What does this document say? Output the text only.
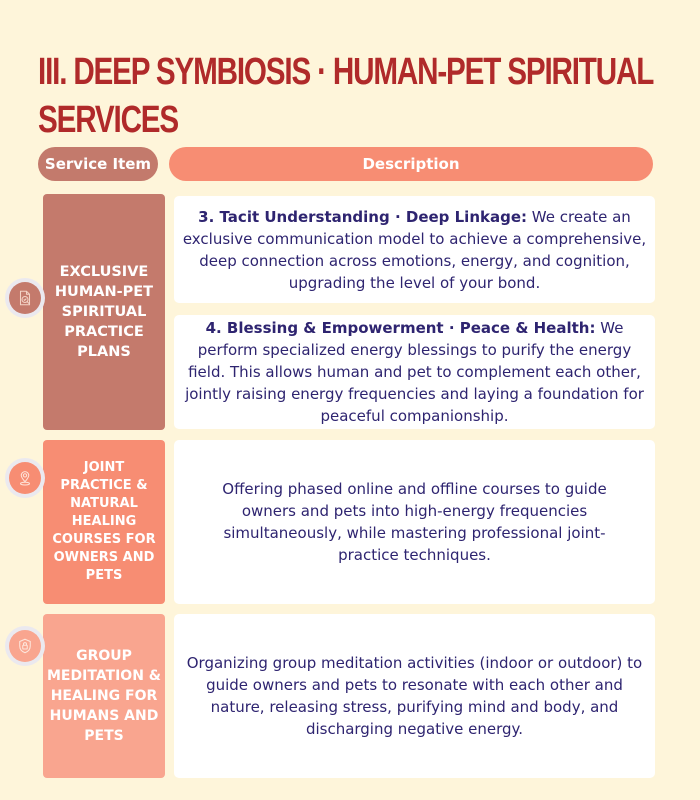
III. DEEP SYMBIOSIS · HUMAN-PET SPIRITUAL SERVICES
Service Item	Description
EXCLUSIVE HUMAN-PET SPIRITUAL PRACTICE PLANS

3. Tacit Understanding · Deep Linkage: We create an exclusive communication model to achieve a comprehensive, deep connection across emotions, energy, and cognition, upgrading the level of your bond.

4. Blessing & Empowerment · Peace & Health: We perform specialized energy blessings to purify the energy field. This allows human and pet to complement each other, jointly raising energy frequencies and laying a foundation for peaceful companionship.

JOINT PRACTICE & NATURAL HEALING COURSES FOR OWNERS AND PETS

Offering phased online and offline courses to guide owners and pets into high-energy frequencies simultaneously, while mastering professional joint-practice techniques.

GROUP MEDITATION & HEALING FOR HUMANS AND PETS

Organizing group meditation activities (indoor or outdoor) to guide owners and pets to resonate with each other and nature, releasing stress, purifying mind and body, and discharging negative energy.
